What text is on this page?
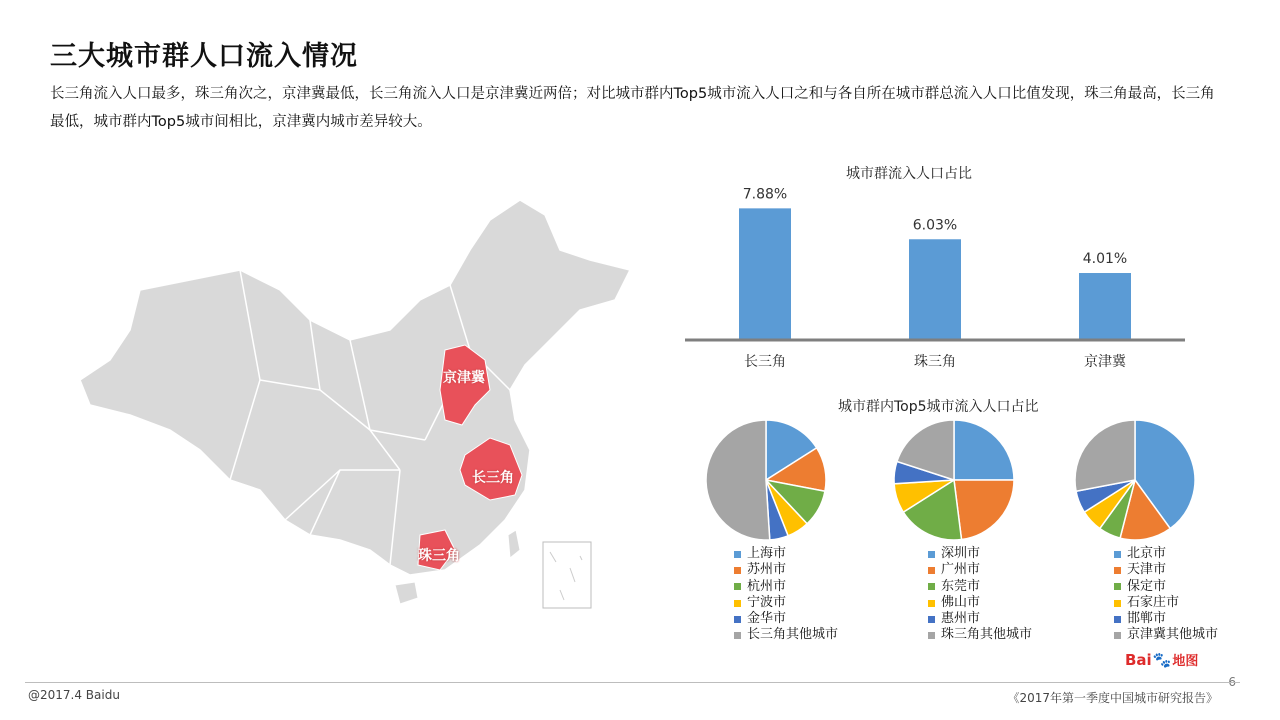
三大城市群人口流入情况
长三角流入人口最多，珠三角次之，京津冀最低，长三角流入人口是京津冀近两倍；对比城市群内Top5城市流入人口之和与各自所在城市群总流入人口比值发现，珠三角最高，长三角最低，城市群内Top5城市间相比，京津冀内城市差异较大。
京津冀
长三角
珠三角
城市群流入人口占比
7.88%
长三角
6.03%
珠三角
4.01%
京津冀
城市群内Top5城市流入人口占比
上海市
苏州市
杭州市
宁波市
金华市
长三角其他城市
深圳市
广州市
东莞市
佛山市
惠州市
珠三角其他城市
北京市
天津市
保定市
石家庄市
邯郸市
京津冀其他城市
Bai 🐾 地图
6
@2017.4 Baidu	《2017年第一季度中国城市研究报告》
